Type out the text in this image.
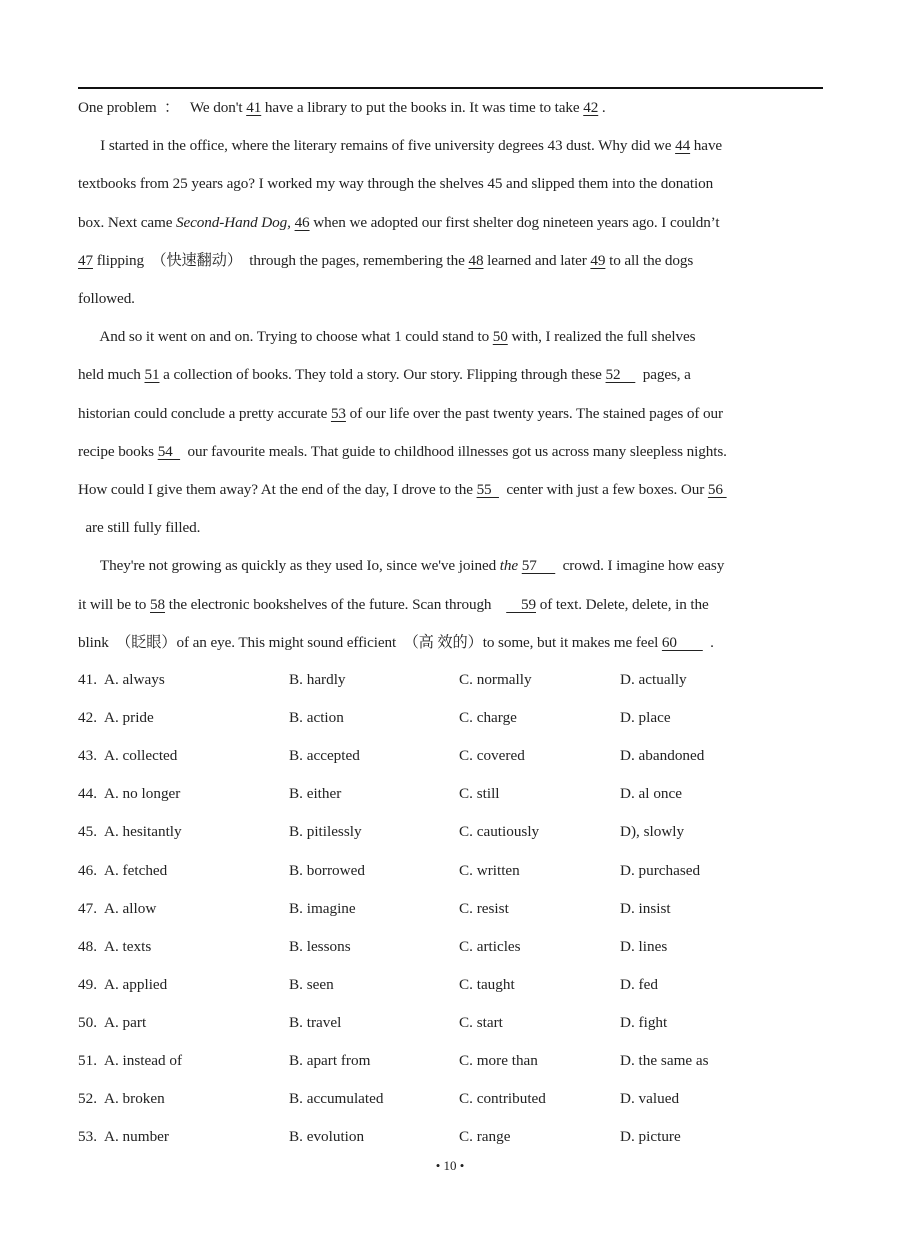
One problem  ：   We don't 41 have a library to put the books in. It was time to take 42 .
I started in the office, where the literary remains of five university degrees 43 dust. Why did we 44 have
textbooks from 25 years ago? I worked my way through the shelves 45 and slipped them into the donation
box. Next came Second-Hand Dog, 46 when we adopted our first shelter dog nineteen years ago. I couldn’t
47 flipping  （快速翻动）  through the pages, remembering the 48 learned and later 49 to all the dogs
followed.
And so it went on and on. Trying to choose what 1 could stand to 50 with, I realized the full shelves
held much 51 a collection of books. They told a story. Our story. Flipping through these 52      pages, a
historian could conclude a pretty accurate 53 of our life over the past twenty years. The stained pages of our
recipe books 54    our favourite meals. That guide to childhood illnesses got us across many sleepless nights.
How could I give them away? At the end of the day, I drove to the 55    center with just a few boxes. Our 56
are still fully filled.
They're not growing as quickly as they used Io, since we've joined the 57       crowd. I imagine how easy
it will be to 58 the electronic bookshelves of the future. Scan through        59 of text. Delete, delete, in the
blink  （眨眼）of an eye. This might sound efficient  （高 效的）to some, but it makes me feel 60         .
41. A. always	B. hardly	C. normally	D. actually
42. A. pride	B. action	C. charge	D. place
43. A. collected	B. accepted	C. covered	D. abandoned
44. A. no longer	B. either	C. still	D. al once
45. A. hesitantly	B. pitilessly	C. cautiously	D), slowly
46. A. fetched	B. borrowed	C. written	D. purchased
47. A. allow	B. imagine	C. resist	D. insist
48. A. texts	B. lessons	C. articles	D. lines
49. A. applied	B. seen	C. taught	D. fed
50. A. part	B. travel	C. start	D. fight
51. A. instead of	B. apart from	C. more than	D. the same as
52. A. broken	B. accumulated	C. contributed	D. valued
53. A. number	B. evolution	C. range	D. picture
• 10 •
